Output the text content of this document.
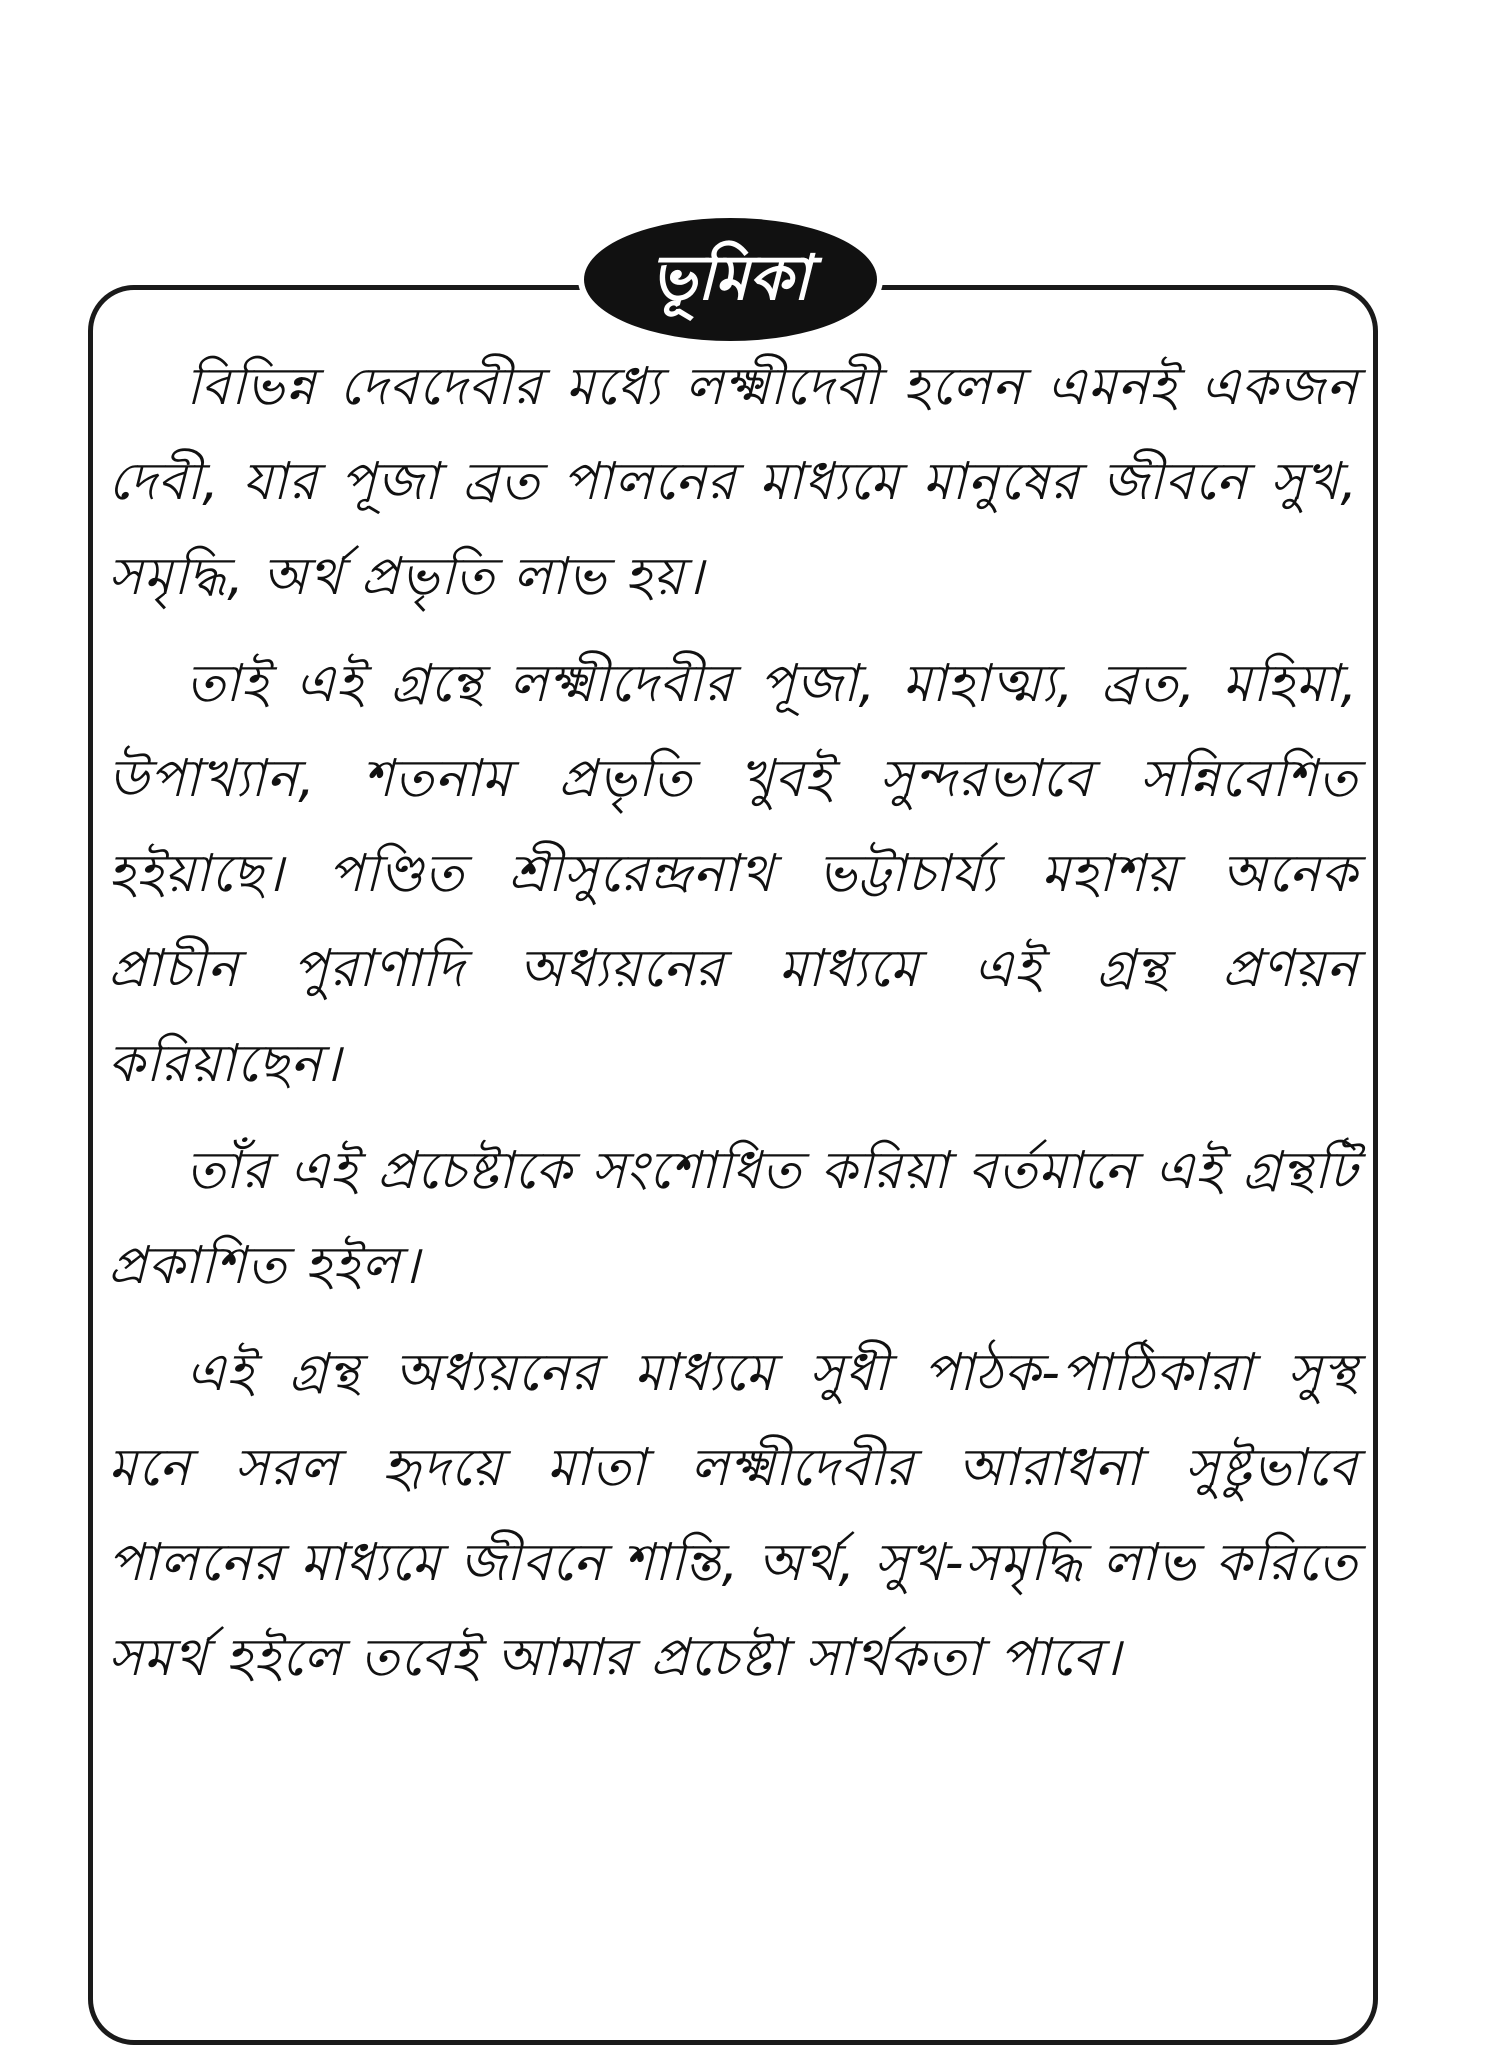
ভূমিকা

বিভিন্ন দেবদেবীর মধ্যে লক্ষ্মীদেবী হলেন এমনই একজন দেবী, যার পূজা ব্রত পালনের মাধ্যমে মানুষের জীবনে সুখ, সমৃদ্ধি, অর্থ প্রভৃতি লাভ হয়।

তাই এই গ্রন্থে লক্ষ্মীদেবীর পূজা, মাহাত্ম্য, ব্রত, মহিমা, উপাখ্যান, শতনাম প্রভৃতি খুবই সুন্দরভাবে সন্নিবেশিত হইয়াছে। পণ্ডিত শ্রীসুরেন্দ্রনাথ ভট্টাচার্য্য মহাশয় অনেক প্রাচীন পুরাণাদি অধ্যয়নের মাধ্যমে এই গ্রন্থ প্রণয়ন করিয়াছেন।

তাঁর এই প্রচেষ্টাকে সংশোধিত করিয়া বর্তমানে এই গ্রন্থটি প্রকাশিত হইল।

এই গ্রন্থ অধ্যয়নের মাধ্যমে সুধী পাঠক-পাঠিকারা সুস্থ মনে সরল হৃদয়ে মাতা লক্ষ্মীদেবীর আরাধনা সুষ্টুভাবে পালনের মাধ্যমে জীবনে শান্তি, অর্থ, সুখ-সমৃদ্ধি লাভ করিতে সমর্থ হইলে তবেই আমার প্রচেষ্টা সার্থকতা পাবে।
